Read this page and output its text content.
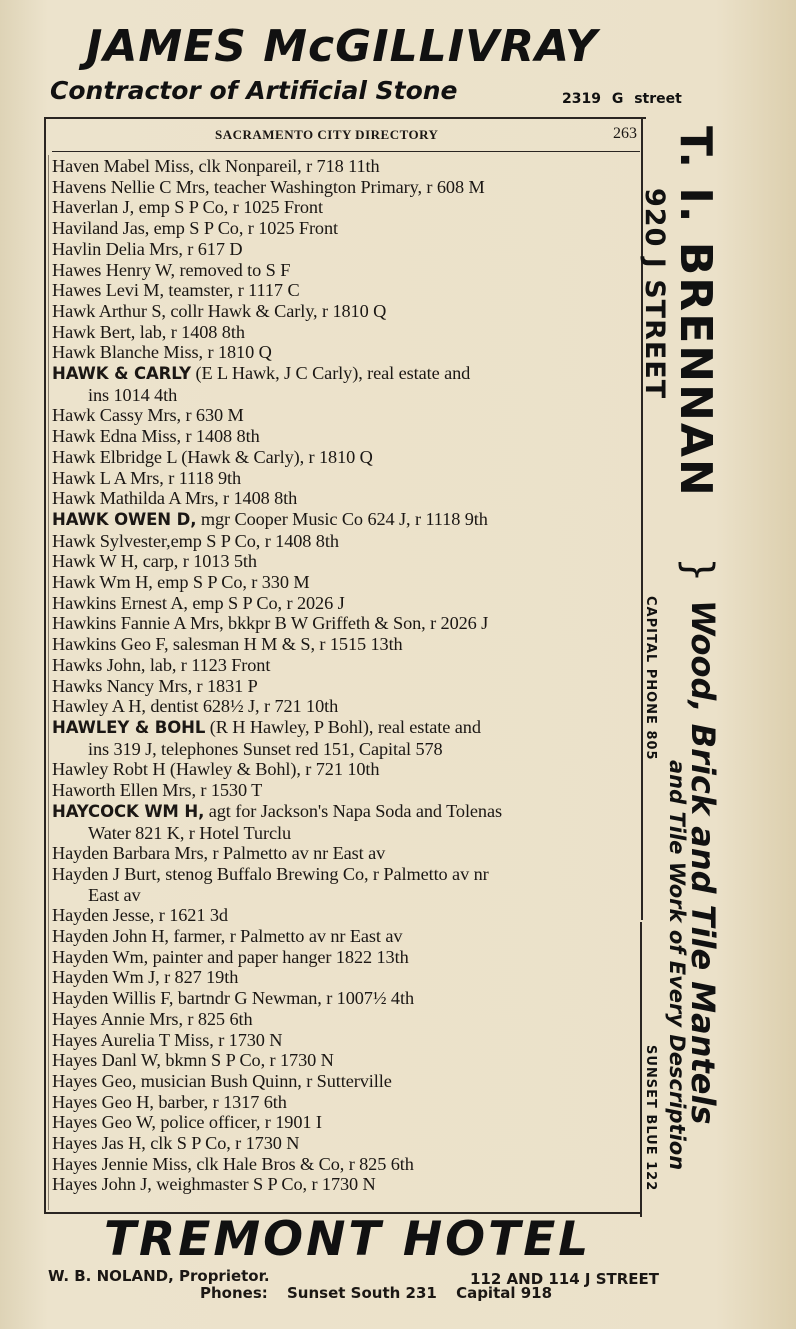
JAMES McGILLIVRAY
Contractor of Artificial Stone	2319 G street
SACRAMENTO CITY DIRECTORY	263
Haven Mabel Miss, clk Nonpareil, r 718 11th
Havens Nellie C Mrs, teacher Washington Primary, r 608 M
Haverlan J, emp S P Co, r 1025 Front
Haviland Jas, emp S P Co, r 1025 Front
Havlin Delia Mrs, r 617 D
Hawes Henry W, removed to S F
Hawes Levi M, teamster, r 1117 C
Hawk Arthur S, collr Hawk & Carly, r 1810 Q
Hawk Bert, lab, r 1408 8th
Hawk Blanche Miss, r 1810 Q
HAWK & CARLY (E L Hawk, J C Carly), real estate and
ins 1014 4th
Hawk Cassy Mrs, r 630 M
Hawk Edna Miss, r 1408 8th
Hawk Elbridge L (Hawk & Carly), r 1810 Q
Hawk L A Mrs, r 1118 9th
Hawk Mathilda A Mrs, r 1408 8th
HAWK OWEN D, mgr Cooper Music Co 624 J, r 1118 9th
Hawk Sylvester,emp S P Co, r 1408 8th
Hawk W H, carp, r 1013 5th
Hawk Wm H, emp S P Co, r 330 M
Hawkins Ernest A, emp S P Co, r 2026 J
Hawkins Fannie A Mrs, bkkpr B W Griffeth & Son, r 2026 J
Hawkins Geo F, salesman H M & S, r 1515 13th
Hawks John, lab, r 1123 Front
Hawks Nancy Mrs, r 1831 P
Hawley A H, dentist 628½ J, r 721 10th
HAWLEY & BOHL (R H Hawley, P Bohl), real estate and
ins 319 J, telephones Sunset red 151, Capital 578
Hawley Robt H (Hawley & Bohl), r 721 10th
Haworth Ellen Mrs, r 1530 T
HAYCOCK WM H, agt for Jackson's Napa Soda and Tolenas
Water 821 K, r Hotel Turclu
Hayden Barbara Mrs, r Palmetto av nr East av
Hayden J Burt, stenog Buffalo Brewing Co, r Palmetto av nr
East av
Hayden Jesse, r 1621 3d
Hayden John H, farmer, r Palmetto av nr East av
Hayden Wm, painter and paper hanger 1822 13th
Hayden Wm J, r 827 19th
Hayden Willis F, bartndr G Newman, r 1007½ 4th
Hayes Annie Mrs, r 825 6th
Hayes Aurelia T Miss, r 1730 N
Hayes Danl W, bkmn S P Co, r 1730 N
Hayes Geo, musician Bush Quinn, r Sutterville
Hayes Geo H, barber, r 1317 6th
Hayes Geo W, police officer, r 1901 I
Hayes Jas H, clk S P Co, r 1730 N
Hayes Jennie Miss, clk Hale Bros & Co, r 825 6th
Hayes John J, weighmaster S P Co, r 1730 N
T. I. BRENNAN
920 J STREET
}
Wood, Brick and Tile Mantels
CAPITAL PHONE 805
and Tile Work of Every Description
SUNSET BLUE 122
TREMONT HOTEL
W. B. NOLAND, Proprietor.	112 AND 114 J STREET
Phones: Sunset South 231 Capital 918
